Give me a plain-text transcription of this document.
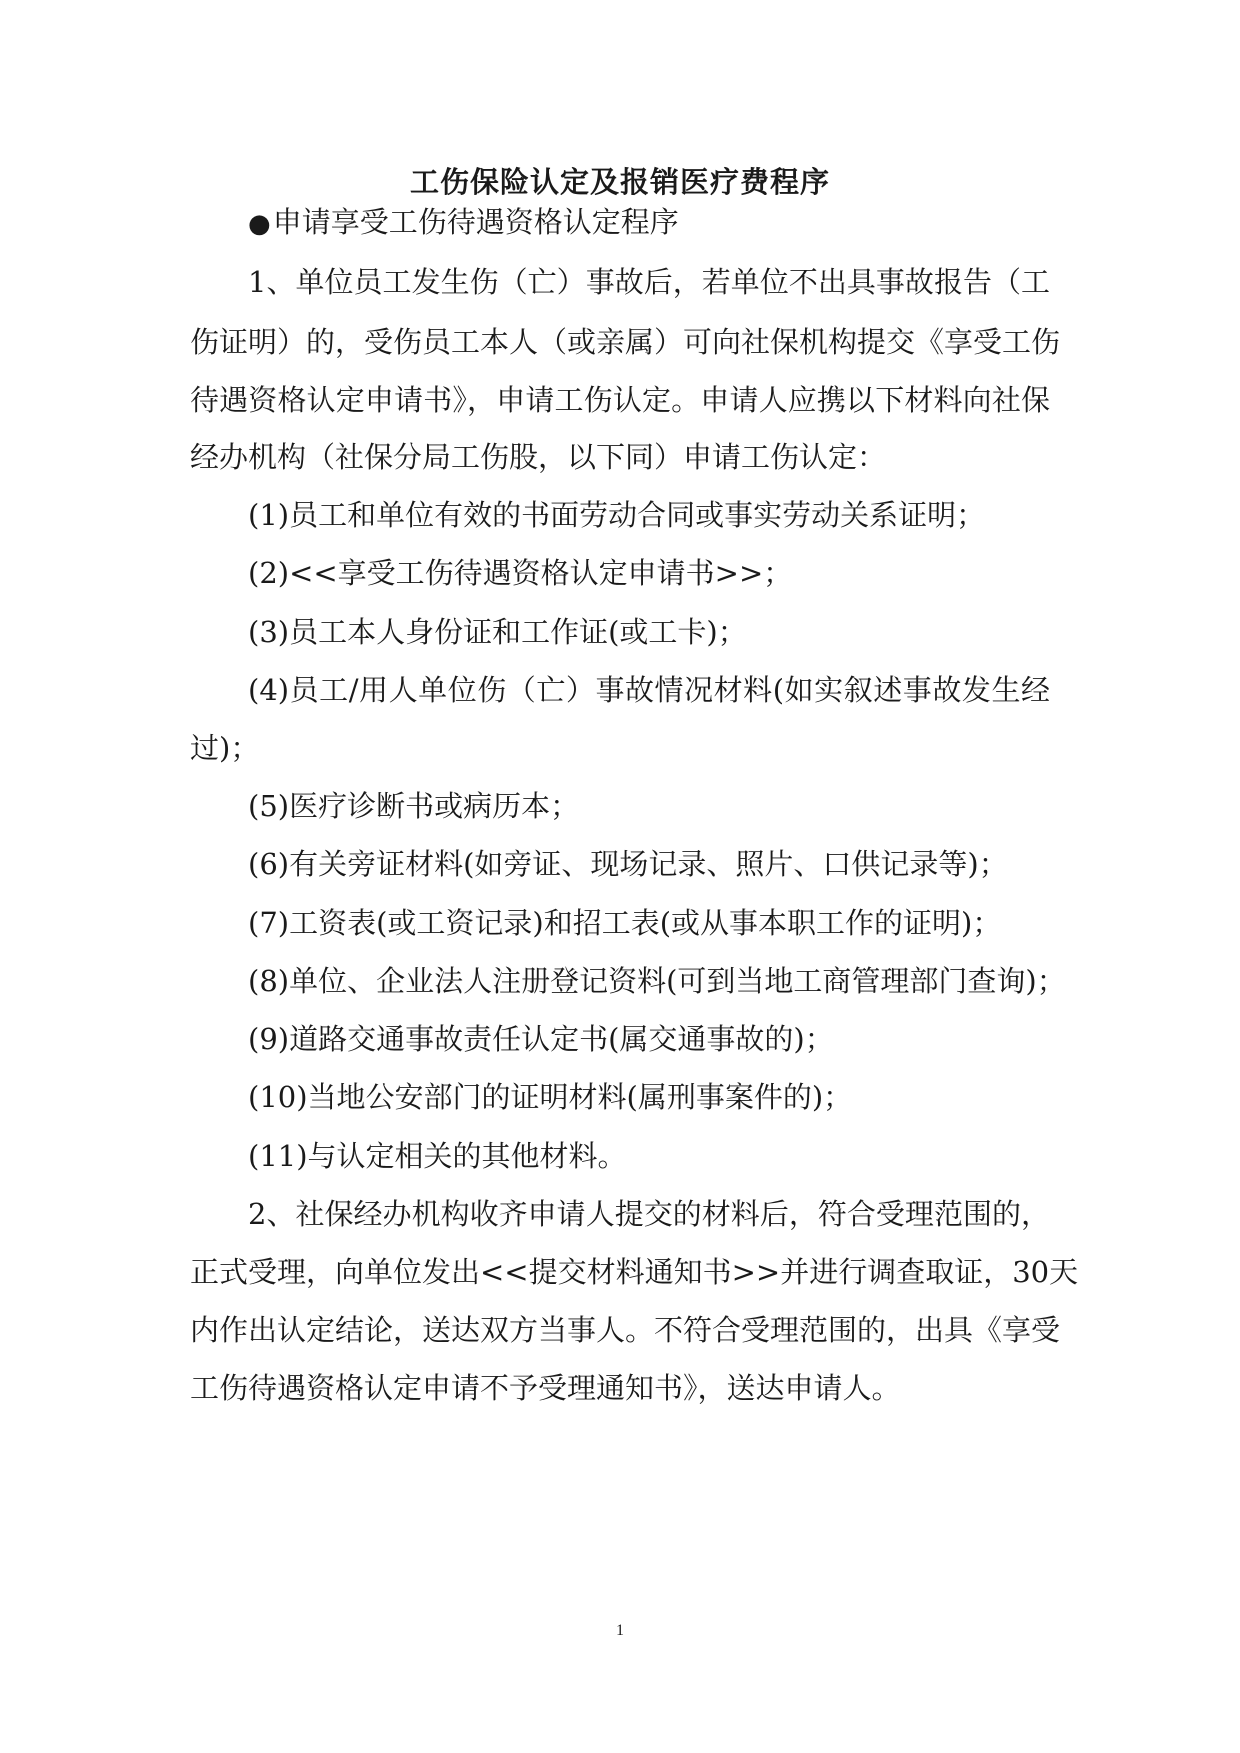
工伤保险认定及报销医疗费程序
●申请享受工伤待遇资格认定程序
1、单位员工发生伤（亡）事故后，若单位不出具事故报告（工
伤证明）的，受伤员工本人（或亲属）可向社保机构提交《享受工伤
待遇资格认定申请书》，申请工伤认定。申请人应携以下材料向社保
经办机构（社保分局工伤股，以下同）申请工伤认定：
(1)员工和单位有效的书面劳动合同或事实劳动关系证明；
(2)<<享受工伤待遇资格认定申请书>>；
(3)员工本人身份证和工作证(或工卡)；
(4)员工/用人单位伤（亡）事故情况材料(如实叙述事故发生经
过)；
(5)医疗诊断书或病历本；
(6)有关旁证材料(如旁证、现场记录、照片、口供记录等)；
(7)工资表(或工资记录)和招工表(或从事本职工作的证明)；
(8)单位、企业法人注册登记资料(可到当地工商管理部门查询)；
(9)道路交通事故责任认定书(属交通事故的)；
(10)当地公安部门的证明材料(属刑事案件的)；
(11)与认定相关的其他材料。
2、社保经办机构收齐申请人提交的材料后，符合受理范围的，
正式受理，向单位发出<<提交材料通知书>>并进行调查取证，30天
内作出认定结论，送达双方当事人。不符合受理范围的，出具《享受
工伤待遇资格认定申请不予受理通知书》，送达申请人。
1
